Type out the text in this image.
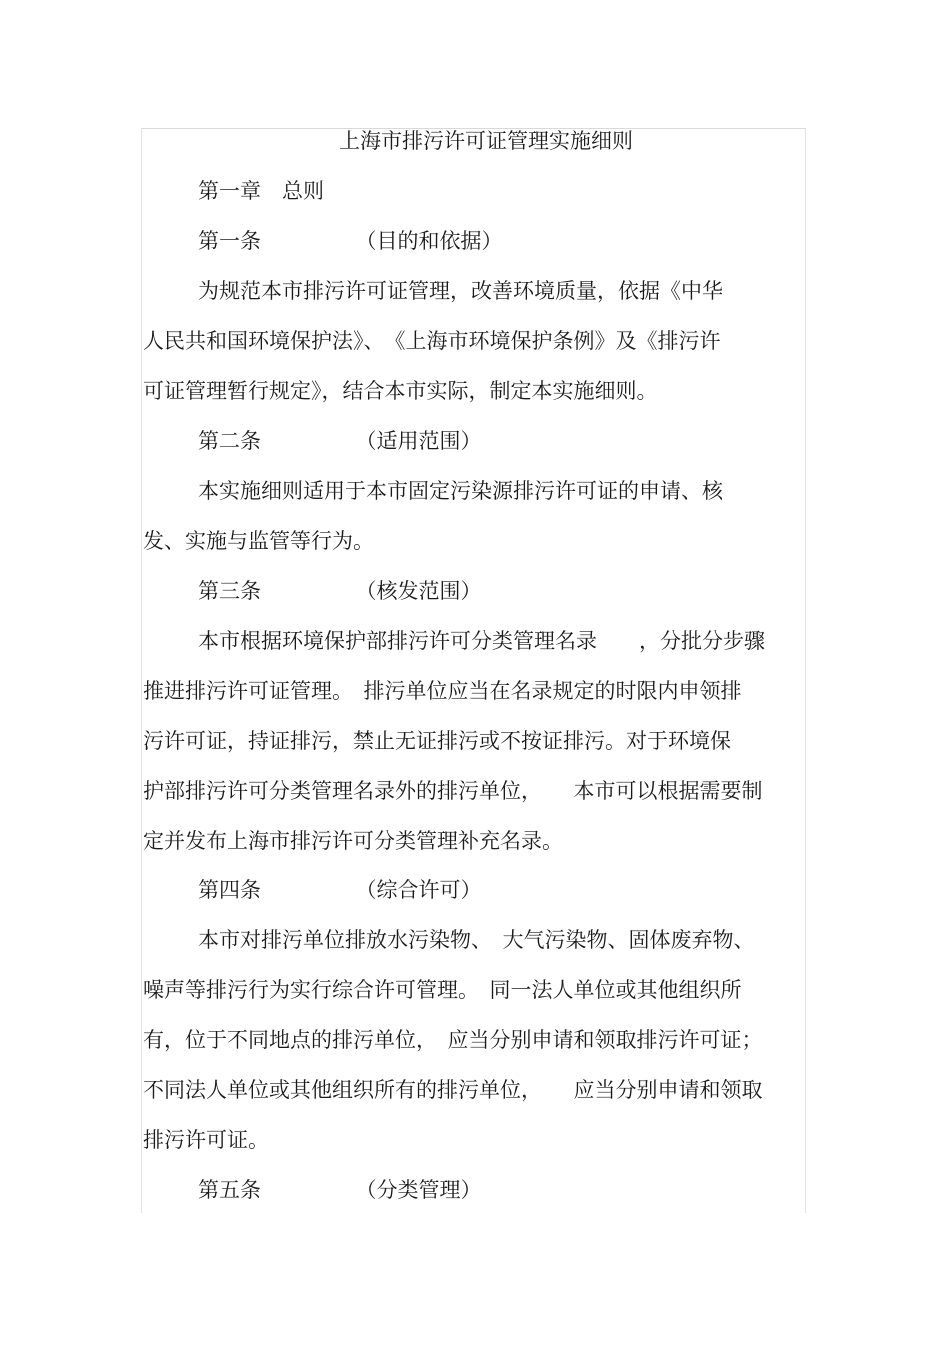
上海市排污许可证管理实施细则
第一章　总则
第一条　　　　　（目的和依据）
为规范本市排污许可证管理，改善环境质量，依据《中华
人民共和国环境保护法》、　《上海市环境保护条例》及《排污许
可证管理暂行规定》，结合本市实际，制定本实施细则。
第二条　　　　　（适用范围）
本实施细则适用于本市固定污染源排污许可证的申请、核
发、实施与监管等行为。
第三条　　　　　（核发范围）
本市根据环境保护部排污许可分类管理名录　　，分批分步骤
推进排污许可证管理。　排污单位应当在名录规定的时限内申领排
污许可证，持证排污，禁止无证排污或不按证排污。对于环境保
护部排污许可分类管理名录外的排污单位，　　本市可以根据需要制
定并发布上海市排污许可分类管理补充名录。
第四条　　　　　（综合许可）
本市对排污单位排放水污染物、　大气污染物、固体废弃物、
噪声等排污行为实行综合许可管理。　同一法人单位或其他组织所
有，位于不同地点的排污单位，　应当分别申请和领取排污许可证；
不同法人单位或其他组织所有的排污单位，　　应当分别申请和领取
排污许可证。
第五条　　　　　（分类管理）
